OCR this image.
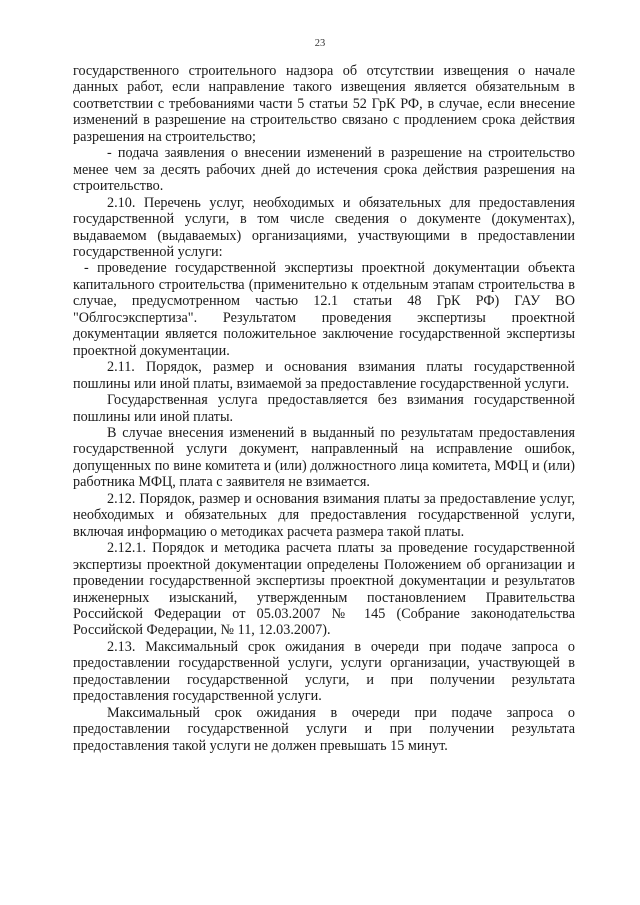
23

государственного строительного надзора об отсутствии извещения о начале данных работ, если направление такого извещения является обязательным в соответствии с требованиями части 5 статьи 52 ГрК РФ, в случае, если внесение изменений в разрешение на строительство связано с продлением срока действия разрешения на строительство;

- подача заявления о внесении изменений в разрешение на строительство менее чем за десять рабочих дней до истечения срока действия разрешения на строительство.

2.10. Перечень услуг, необходимых и обязательных для предоставления государственной услуги, в том числе сведения о документе (документах), выдаваемом (выдаваемых) организациями, участвующими в предоставлении государственной услуги:

- проведение государственной экспертизы проектной документации объекта капитального строительства (применительно к отдельным этапам строительства в случае, предусмотренном частью 12.1 статьи 48 ГрК РФ) ГАУ ВО "Облгосэкспертиза". Результатом проведения экспертизы проектной документации является положительное заключение государственной экспертизы проектной документации.

2.11. Порядок, размер и основания взимания платы государственной пошлины или иной платы, взимаемой за предоставление государственной услуги.

Государственная услуга предоставляется без взимания государственной пошлины или иной платы.

В случае внесения изменений в выданный по результатам предоставления государственной услуги документ, направленный на исправление ошибок, допущенных по вине комитета и (или) должностного лица комитета, МФЦ и (или) работника МФЦ, плата с заявителя не взимается.

2.12. Порядок, размер и основания взимания платы за предоставление услуг, необходимых и обязательных для предоставления государственной услуги, включая информацию о методиках расчета размера такой платы.

2.12.1. Порядок и методика расчета платы за проведение государственной экспертизы проектной документации определены Положением об организации и проведении государственной экспертизы проектной документации и результатов инженерных изысканий, утвержденным постановлением Правительства Российской Федерации от 05.03.2007 № 145 (Собрание законодательства Российской Федерации, № 11, 12.03.2007).

2.13. Максимальный срок ожидания в очереди при подаче запроса о предоставлении государственной услуги, услуги организации, участвующей в предоставлении государственной услуги, и при получении результата предоставления государственной услуги.

Максимальный срок ожидания в очереди при подаче запроса о предоставлении государственной услуги и при получении результата предоставления такой услуги не должен превышать 15 минут.
